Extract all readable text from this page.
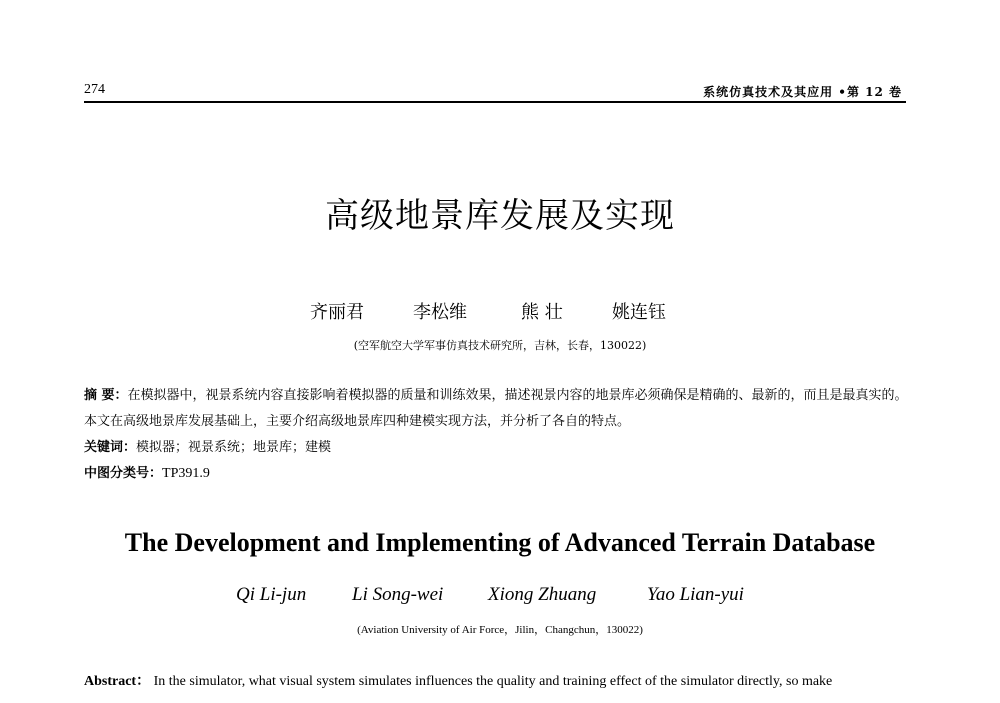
274	系统仿真技术及其应用 •第 12 卷
高级地景库发展及实现
齐丽君	李松维	熊 壮	姚连钰
(空军航空大学军事仿真技术研究所，吉林，长春，130022)
摘 要：在模拟器中，视景系统内容直接影响着模拟器的质量和训练效果，描述视景内容的地景库必须确保是精确的、最新的，而且是最真实的。本文在高级地景库发展基础上，主要介绍高级地景库四种建模实现方法，并分析了各自的特点。
关键词：模拟器；视景系统；地景库；建模
中图分类号：TP391.9
The Development and Implementing of Advanced Terrain Database
Qi Li-jun Li Song-wei Xiong Zhuang	Yao Lian-yui
(Aviation University of Air Force，Jilin，Changchun，130022)
Abstract： In the simulator, what visual system simulates influences the quality and training effect of the simulator directly, so make
